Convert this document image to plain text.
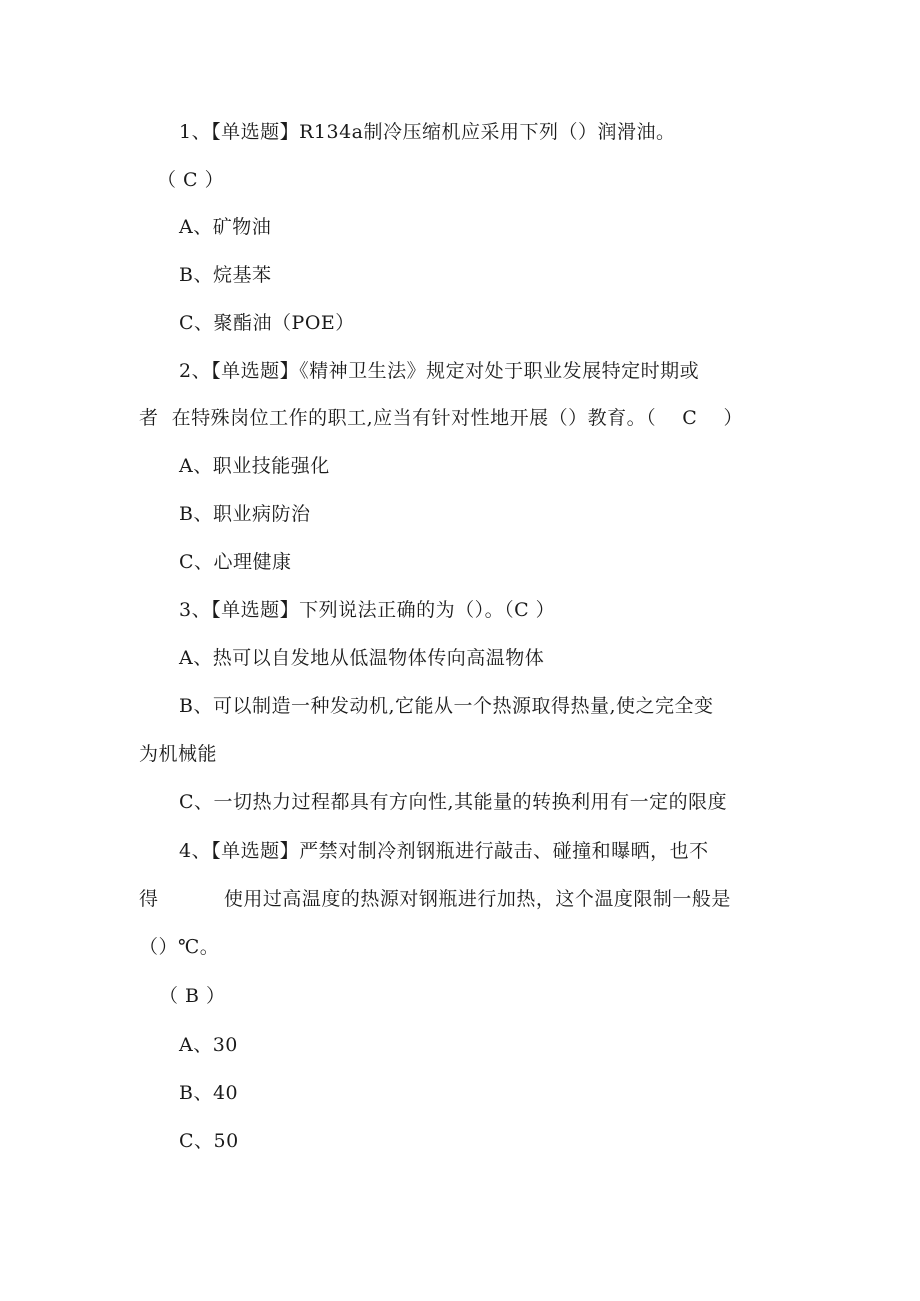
1、【单选题】R134a制冷压缩机应采用下列（）润滑油。
（ C ）
A、矿物油
B、烷基苯
C、聚酯油（POE）
2、【单选题】《精神卫生法》规定对处于职业发展特定时期或
者  在特殊岗位工作的职工,应当有针对性地开展（）教育。（    C    ）
A、职业技能强化
B、职业病防治
C、心理健康
3、【单选题】下列说法正确的为（）。（C ）
A、热可以自发地从低温物体传向高温物体
B、可以制造一种发动机,它能从一个热源取得热量,使之完全变
为机械能
C、一切热力过程都具有方向性,其能量的转换利用有一定的限度
4、【单选题】严禁对制冷剂钢瓶进行敲击、碰撞和曝晒，也不
得          使用过高温度的热源对钢瓶进行加热，这个温度限制一般是
（）℃。
（ B ）
A、30
B、40
C、50
